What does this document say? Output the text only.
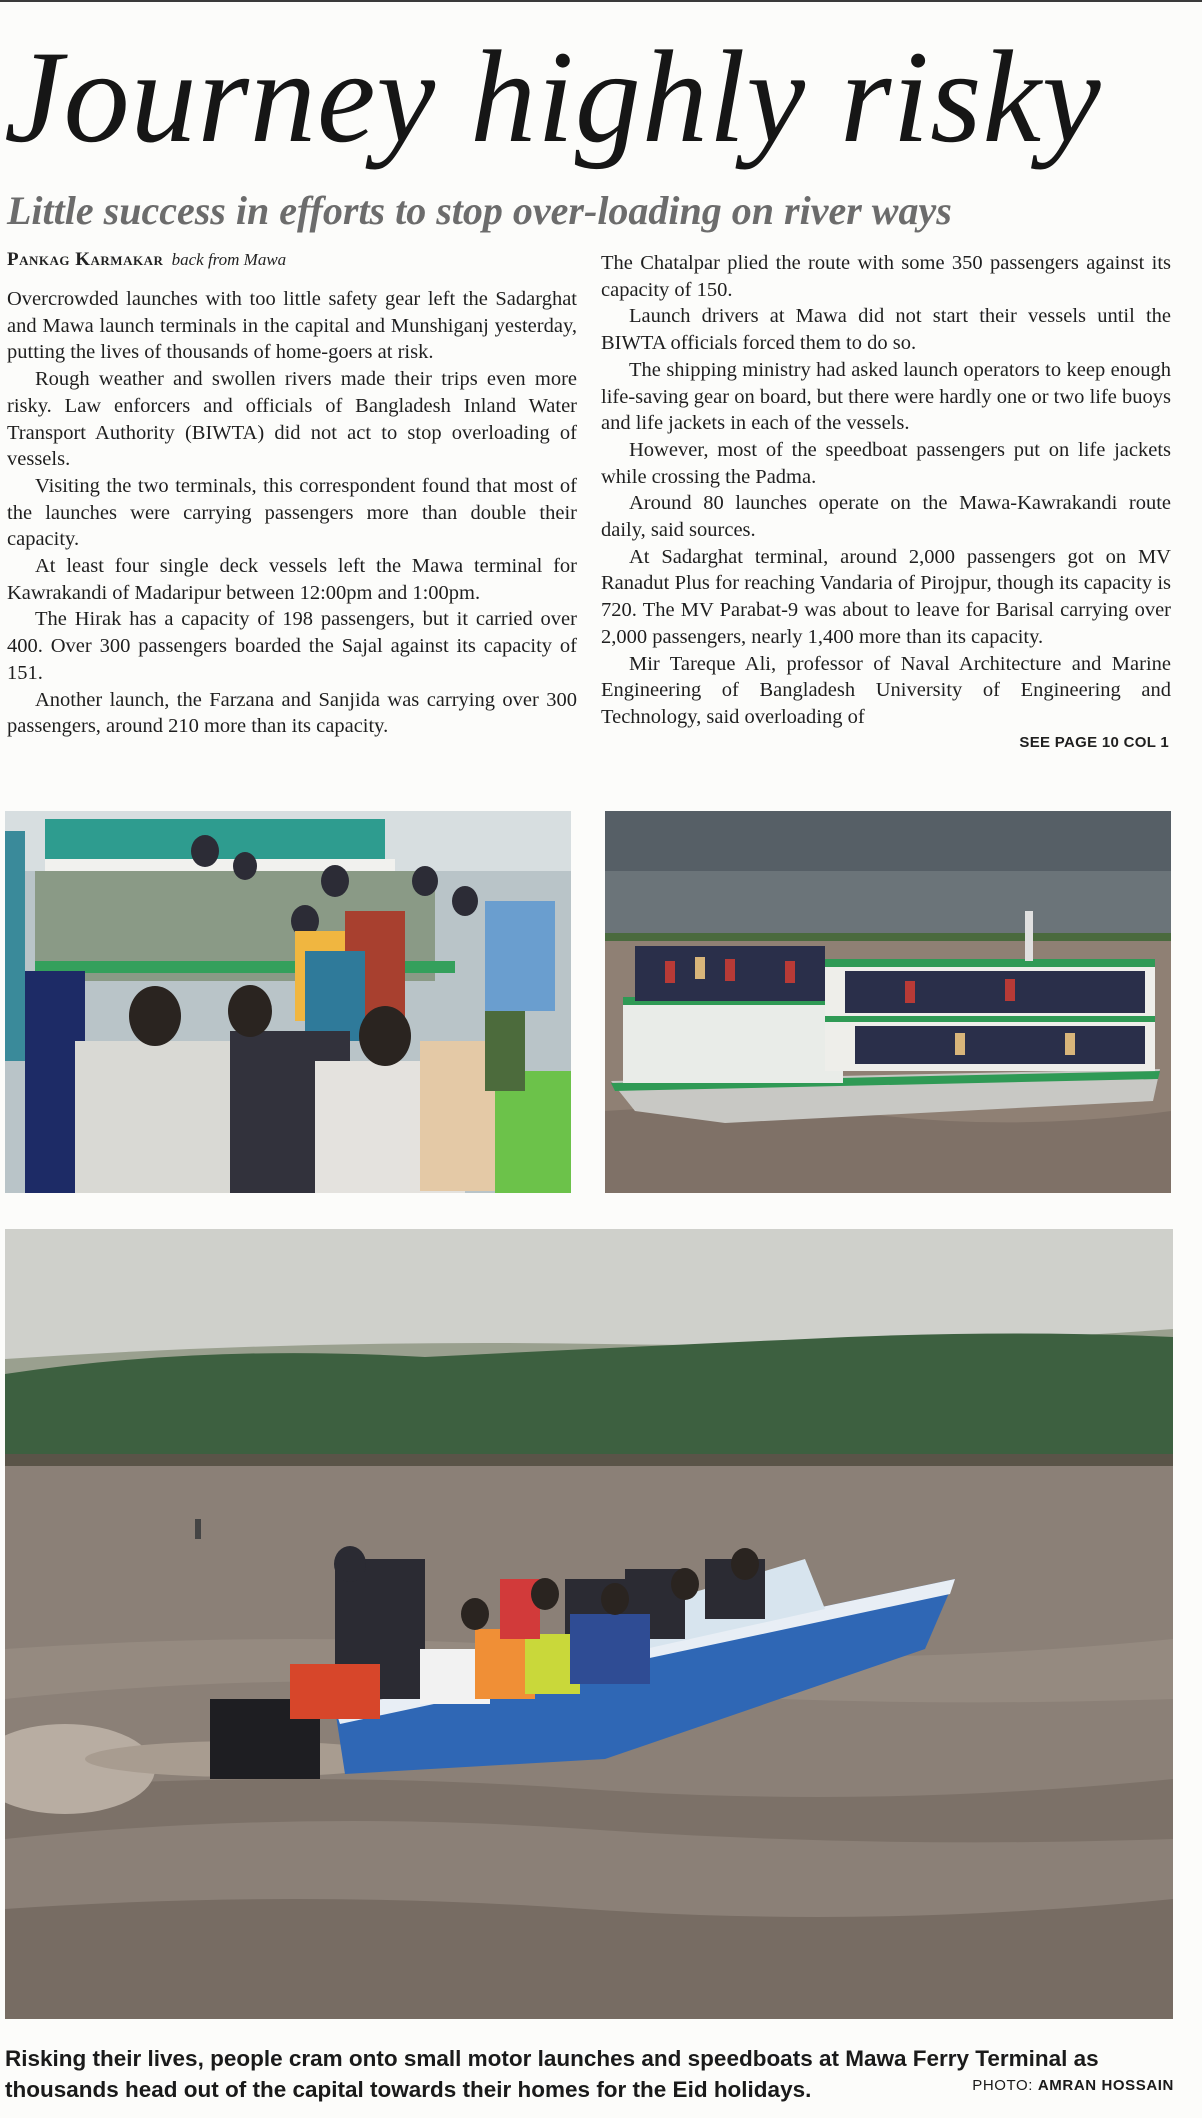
Journey highly risky
Little success in efforts to stop over-loading on river ways
Pankag Karmakar back from Mawa

Overcrowded launches with too little safety gear left the Sadarghat and Mawa launch terminals in the capital and Munshiganj yesterday, putting the lives of thousands of home-goers at risk.

Rough weather and swollen rivers made their trips even more risky. Law enforcers and officials of Bangladesh Inland Water Transport Authority (BIWTA) did not act to stop overloading of vessels.

Visiting the two terminals, this correspondent found that most of the launches were carrying passengers more than double their capacity.

At least four single deck vessels left the Mawa terminal for Kawrakandi of Madaripur between 12:00pm and 1:00pm.

The Hirak has a capacity of 198 passengers, but it carried over 400. Over 300 passengers boarded the Sajal against its capacity of 151.

Another launch, the Farzana and Sanjida was carrying over 300 passengers, around 210 more than its capacity.

The Chatalpar plied the route with some 350 passengers against its capacity of 150.

Launch drivers at Mawa did not start their vessels until the BIWTA officials forced them to do so.

The shipping ministry had asked launch operators to keep enough life-saving gear on board, but there were hardly one or two life buoys and life jackets in each of the vessels.

However, most of the speedboat passengers put on life jackets while crossing the Padma.

Around 80 launches operate on the Mawa-Kawrakandi route daily, said sources.

At Sadarghat terminal, around 2,000 passengers got on MV Ranadut Plus for reaching Vandaria of Pirojpur, though its capacity is 720. The MV Parabat-9 was about to leave for Barisal carrying over 2,000 passengers, nearly 1,400 more than its capacity.

Mir Tareque Ali, professor of Naval Architecture and Marine Engineering of Bangladesh University of Engineering and Technology, said overloading of

SEE PAGE 10 COL 1
Risking their lives, people cram onto small motor launches and speedboats at Mawa Ferry Terminal as thousands head out of the capital towards their homes for the Eid holidays.	PHOTO: AMRAN HOSSAIN
